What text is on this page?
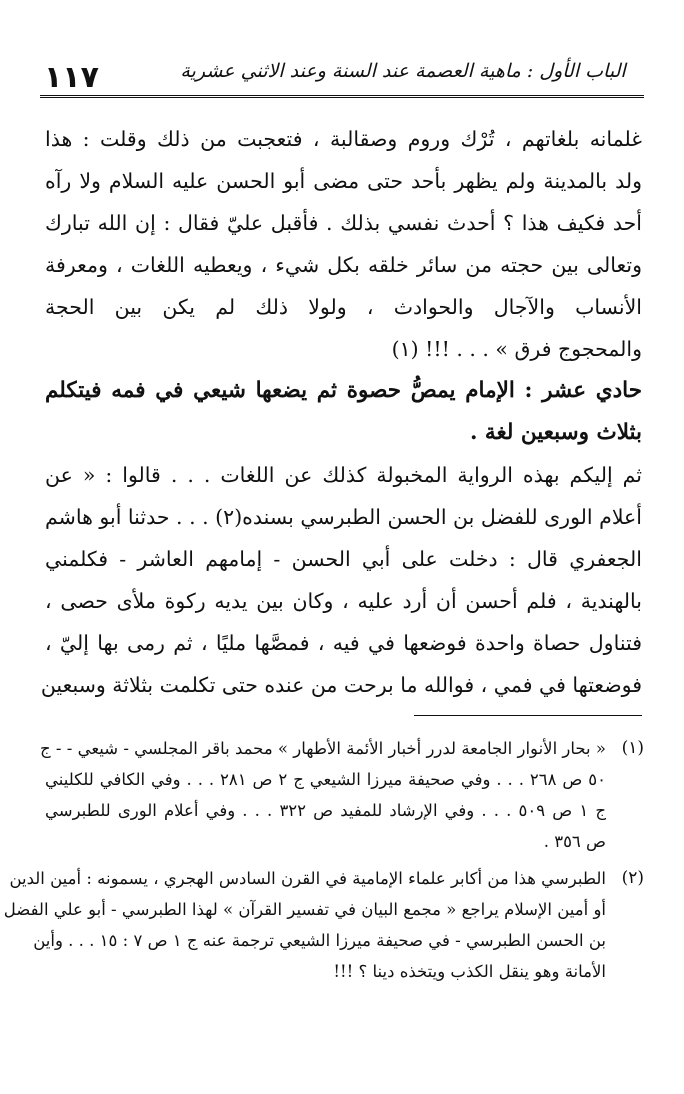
١١٧	الباب الأول : ماهية العصمة عند السنة وعند الاثني عشرية
غلمانه بلغاتهم ، تُرْك وروم وصقالبة ، فتعجبت من ذلك وقلت : هذا
ولد بالمدينة ولم يظهر بأحد حتى مضى أبو الحسن عليه السلام ولا رآه
أحد فكيف هذا ؟ أحدث نفسي بذلك . فأقبل عليّ فقال : إن الله تبارك
وتعالى بين حجته من سائر خلقه بكل شيء ، ويعطيه اللغات ، ومعرفة
الأنساب والآجال والحوادث ، ولولا ذلك لم يكن بين الحجة
والمحجوج فرق » . . . !!! (١)
حادي عشر : الإمام يمصُّ حصوة ثم يضعها شيعي في فمه فيتكلم
بثلاث وسبعين لغة .
ثم إليكم بهذه الرواية المخبولة كذلك عن اللغات . . . قالوا : « عن
أعلام الورى للفضل بن الحسن الطبرسي بسنده(٢) . . . حدثنا أبو هاشم
الجعفري قال : دخلت على أبي الحسن - إمامهم العاشر - فكلمني
بالهندية ، فلم أحسن أن أرد عليه ، وكان بين يديه ركوة ملأى حصى ،
فتناول حصاة واحدة فوضعها في فيه ، فمصَّها مليًا ، ثم رمى بها إليّ ،
فوضعتها في فمي ، فوالله ما برحت من عنده حتى تكلمت بثلاثة وسبعين
(١)
« بحار الأنوار الجامعة لدرر أخبار الأئمة الأطهار » محمد باقر المجلسي - شيعي - - ج
٥٠ ص ٢٦٨ . . . وفي صحيفة ميرزا الشيعي ج ٢ ص ٢٨١ . . . وفي الكافي للكليني
ج ١ ص ٥٠٩ . . . وفي الإرشاد للمفيد ص ٣٢٢ . . . وفي أعلام الورى للطبرسي
ص ٣٥٦ .
(٢)
الطبرسي هذا من أكابر علماء الإمامية في القرن السادس الهجري ، يسمونه : أمين الدين
أو أمين الإسلام يراجع « مجمع البيان في تفسير القرآن » لهذا الطبرسي - أبو علي الفضل
بن الحسن الطبرسي - في صحيفة ميرزا الشيعي ترجمة عنه ج ١ ص ٧ : ١٥ . . . وأين
الأمانة وهو ينقل الكذب ويتخذه دينا ؟ !!!
